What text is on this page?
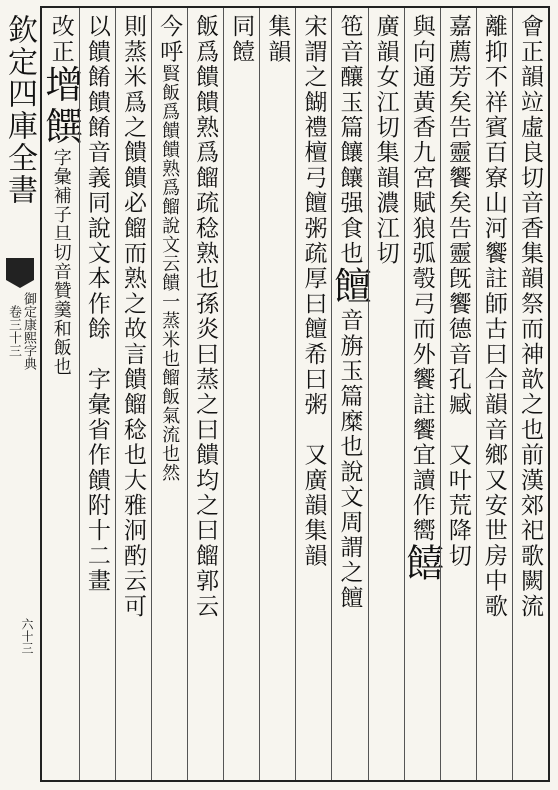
欽定四庫全書
御定康熙字典
卷三十三
六十三
會正韻竝虛良切音香集韻祭而神歆之也前漢郊祀歌闕流
離抑不祥賓百寮山河饗註師古曰合韻音鄉又安世房中歌
嘉薦芳矣告靈饗矣告靈旣饗德音孔臧　又叶荒降切
與向通黃香九宮賦狼弧彀弓而外饗註饗宜讀作嚮饎
廣韻女江切集韻濃江切
竾音釀玉篇饟饟强食也饘音旃玉篇糜也說文周謂之饘
宋謂之餬禮檀弓饘粥疏厚曰饘希曰粥　又廣韻集韻
集韻
同饐
飯爲饋饋熟爲餾疏稔熟也孫炎曰蒸之曰饋均之曰餾郭云
今呼賢飯爲饋饋熟爲餾說文云饋一蒸米也餾飯氣流也然
則蒸米爲之饋饋必餾而熟之故言饋餾稔也大雅泂酌云可
以饋餚饋餚音義同說文本作餘　字彙省作饋附十二畫
改正增饌字彙補子旦切音贊羹和飯也
